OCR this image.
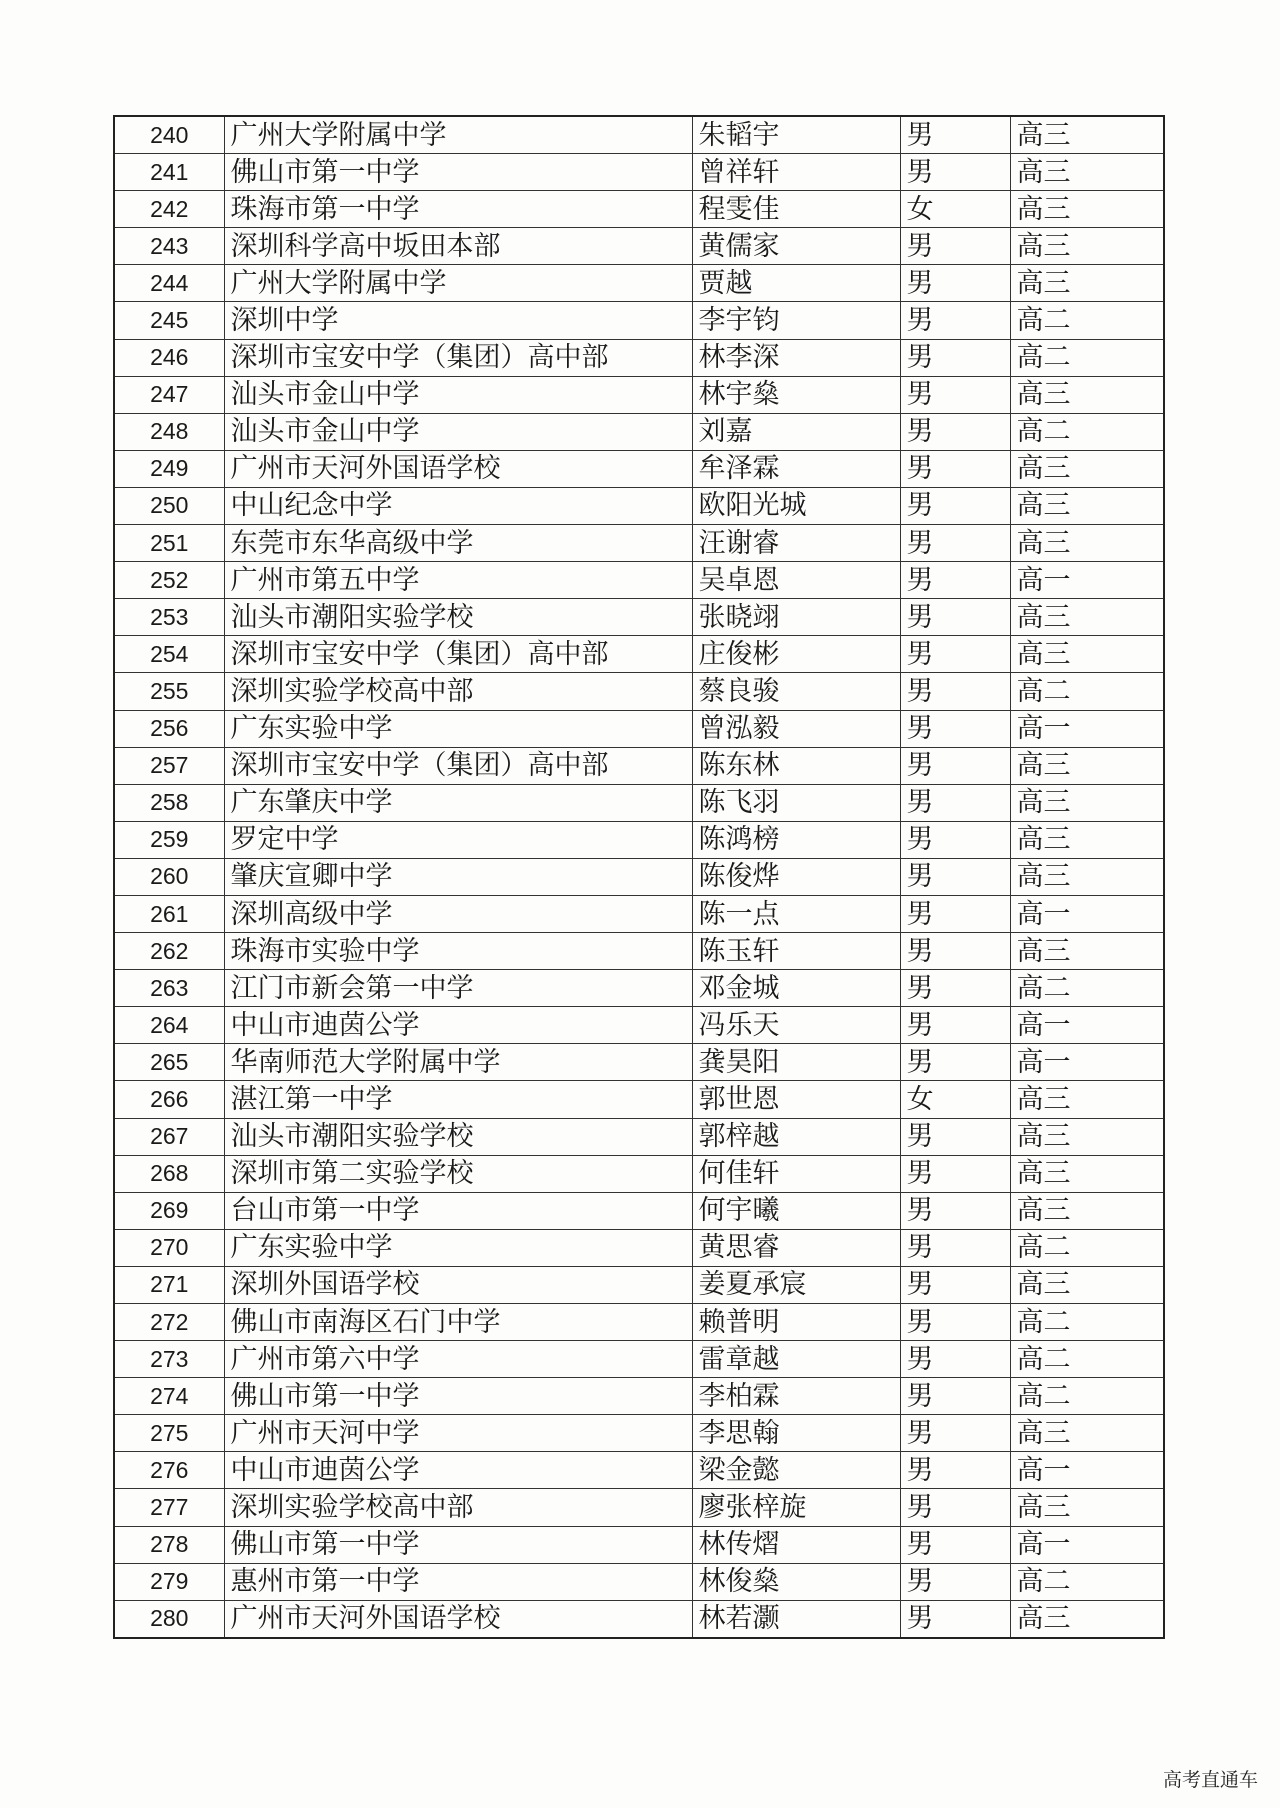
240	广州大学附属中学	朱韬宇	男	高三
241	佛山市第一中学	曾祥轩	男	高三
242	珠海市第一中学	程雯佳	女	高三
243	深圳科学高中坂田本部	黄儒家	男	高三
244	广州大学附属中学	贾越	男	高三
245	深圳中学	李宇钧	男	高二
246	深圳市宝安中学（集团）高中部	林李深	男	高二
247	汕头市金山中学	林宇燊	男	高三
248	汕头市金山中学	刘嘉	男	高二
249	广州市天河外国语学校	牟泽霖	男	高三
250	中山纪念中学	欧阳光城	男	高三
251	东莞市东华高级中学	汪谢睿	男	高三
252	广州市第五中学	吴卓恩	男	高一
253	汕头市潮阳实验学校	张晓翊	男	高三
254	深圳市宝安中学（集团）高中部	庄俊彬	男	高三
255	深圳实验学校高中部	蔡良骏	男	高二
256	广东实验中学	曾泓毅	男	高一
257	深圳市宝安中学（集团）高中部	陈东林	男	高三
258	广东肇庆中学	陈飞羽	男	高三
259	罗定中学	陈鸿榜	男	高三
260	肇庆宣卿中学	陈俊烨	男	高三
261	深圳高级中学	陈一点	男	高一
262	珠海市实验中学	陈玉轩	男	高三
263	江门市新会第一中学	邓金城	男	高二
264	中山市迪茵公学	冯乐天	男	高一
265	华南师范大学附属中学	龚昊阳	男	高一
266	湛江第一中学	郭世恩	女	高三
267	汕头市潮阳实验学校	郭梓越	男	高三
268	深圳市第二实验学校	何佳轩	男	高三
269	台山市第一中学	何宇曦	男	高三
270	广东实验中学	黄思睿	男	高二
271	深圳外国语学校	姜夏承宸	男	高三
272	佛山市南海区石门中学	赖普明	男	高二
273	广州市第六中学	雷章越	男	高二
274	佛山市第一中学	李柏霖	男	高二
275	广州市天河中学	李思翰	男	高三
276	中山市迪茵公学	梁金懿	男	高一
277	深圳实验学校高中部	廖张梓旋	男	高三
278	佛山市第一中学	林传熠	男	高一
279	惠州市第一中学	林俊燊	男	高二
280	广州市天河外国语学校	林若灏	男	高三
高考直通车
